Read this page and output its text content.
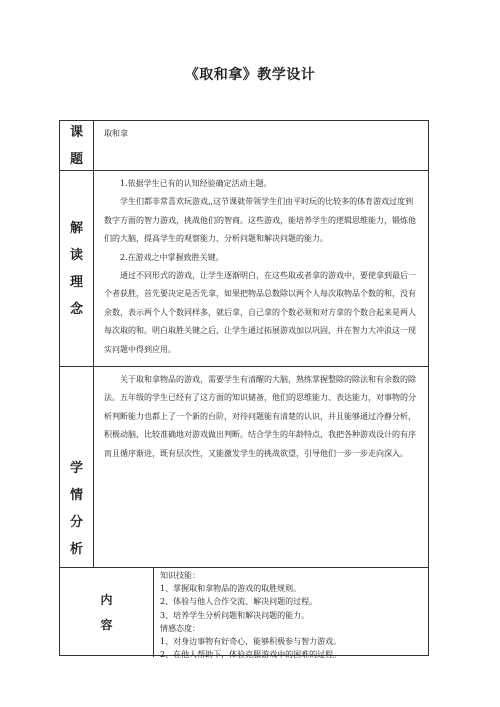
《取和拿》教学设计
课
题

取和拿

解
读
理
念

1.依据学生已有的认知经验确定活动主题。

学生们都非常喜欢玩游戏,,这节课就带领学生们由平时玩的比较多的体育游戏过度到数字方面的智力游戏，挑战他们的智商。这些游戏，能培养学生的逻辑思维能力，锻炼他们的大脑，提高学生的观察能力、分析问题和解决问题的能力。

2.在游戏之中掌握致胜关键。

通过不同形式的游戏，让学生逐渐明白，在这些取或者拿的游戏中，要使拿到最后一个者获胜，首先要决定是否先拿，如果把物品总数除以两个人每次取物品个数的和，没有余数，表示两个人个数同样多，就后拿，自己拿的个数必须和对方拿的个数合起来是两人每次取的和。明白取胜关键之后，让学生通过拓展游戏加以巩固，并在智力大冲浪这一现实问题中得到应用。

学
情
分
析

关于取和拿物品的游戏，需要学生有清醒的大脑，熟练掌握整除的除法和有余数的除法。五年级的学生已经有了这方面的知识储备，他们的思维能力、表达能力，对事物的分析判断能力也都上了一个新的台阶，对待问题能有清楚的认识，并且能够通过冷静分析，积极动脑，比较准确地对游戏做出判断。结合学生的年龄特点，我把各种游戏设计的有序而且循序渐进，既有层次性，又能激发学生的挑战欲望，引导他们一步一步走向深入。

内
容
知识技能：
1、掌握取和拿物品的游戏的取胜规则。
2、体验与他人合作交流、解决问题的过程。
3、培养学生分析问题和解决问题的能力。
情感态度：
1、对身边事物有好奇心，能够积极参与智力游戏。
2、在他人帮助下，体验克服游戏中的困难的过程。
